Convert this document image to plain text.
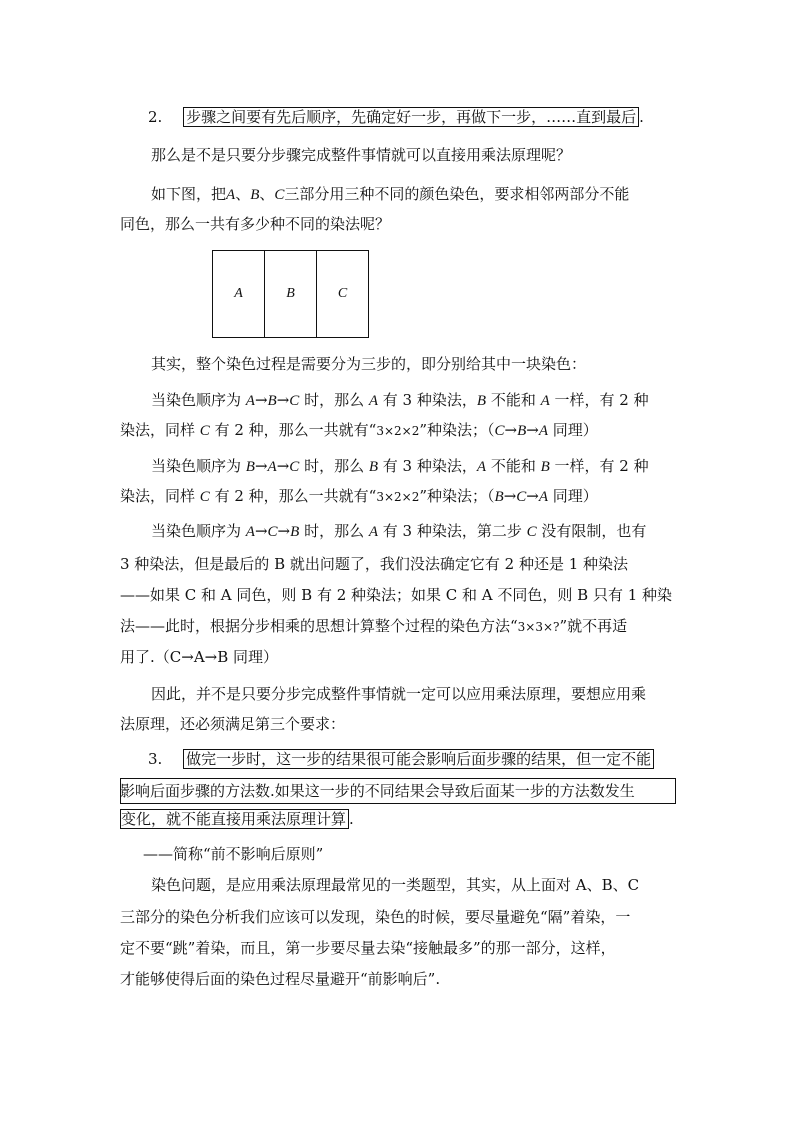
2. 步骤之间要有先后顺序，先确定好一步，再做下一步，……直到最后 .
那么是不是只要分步骤完成整件事情就可以直接用乘法原理呢？
如下图，把A、B、C三部分用三种不同的颜色染色，要求相邻两部分不能
同色，那么一共有多少种不同的染法呢？
A	B	C
其实，整个染色过程是需要分为三步的，即分别给其中一块染色：
当染色顺序为 A→B→C 时，那么 A 有 3 种染法，B 不能和 A 一样，有 2 种
染法，同样 C 有 2 种，那么一共就有“3×2×2”种染法；（C→B→A 同理）
当染色顺序为 B→A→C 时，那么 B 有 3 种染法，A 不能和 B 一样，有 2 种
染法，同样 C 有 2 种，那么一共就有“3×2×2”种染法；（B→C→A 同理）
当染色顺序为 A→C→B 时，那么 A 有 3 种染法，第二步 C 没有限制，也有
3 种染法，但是最后的 B 就出问题了，我们没法确定它有 2 种还是 1 种染法
——如果 C 和 A 同色，则 B 有 2 种染法；如果 C 和 A 不同色，则 B 只有 1 种染
法——此时，根据分步相乘的思想计算整个过程的染色方法“3×3×?”就不再适
用了.（C→A→B 同理）
因此，并不是只要分步完成整件事情就一定可以应用乘法原理，要想应用乘
法原理，还必须满足第三个要求：
3. 做完一步时，这一步的结果很可能会影响后面步骤的结果，但一定不能
影响后面步骤的方法数.如果这一步的不同结果会导致后面某一步的方法数发生
变化，就不能直接用乘法原理计算 .
——简称“前不影响后原则”
染色问题，是应用乘法原理最常见的一类题型，其实，从上面对 A、B、C
三部分的染色分析我们应该可以发现，染色的时候，要尽量避免“隔”着染，一
定不要“跳”着染，而且，第一步要尽量去染“接触最多”的那一部分，这样，
才能够使得后面的染色过程尽量避开“前影响后”.
